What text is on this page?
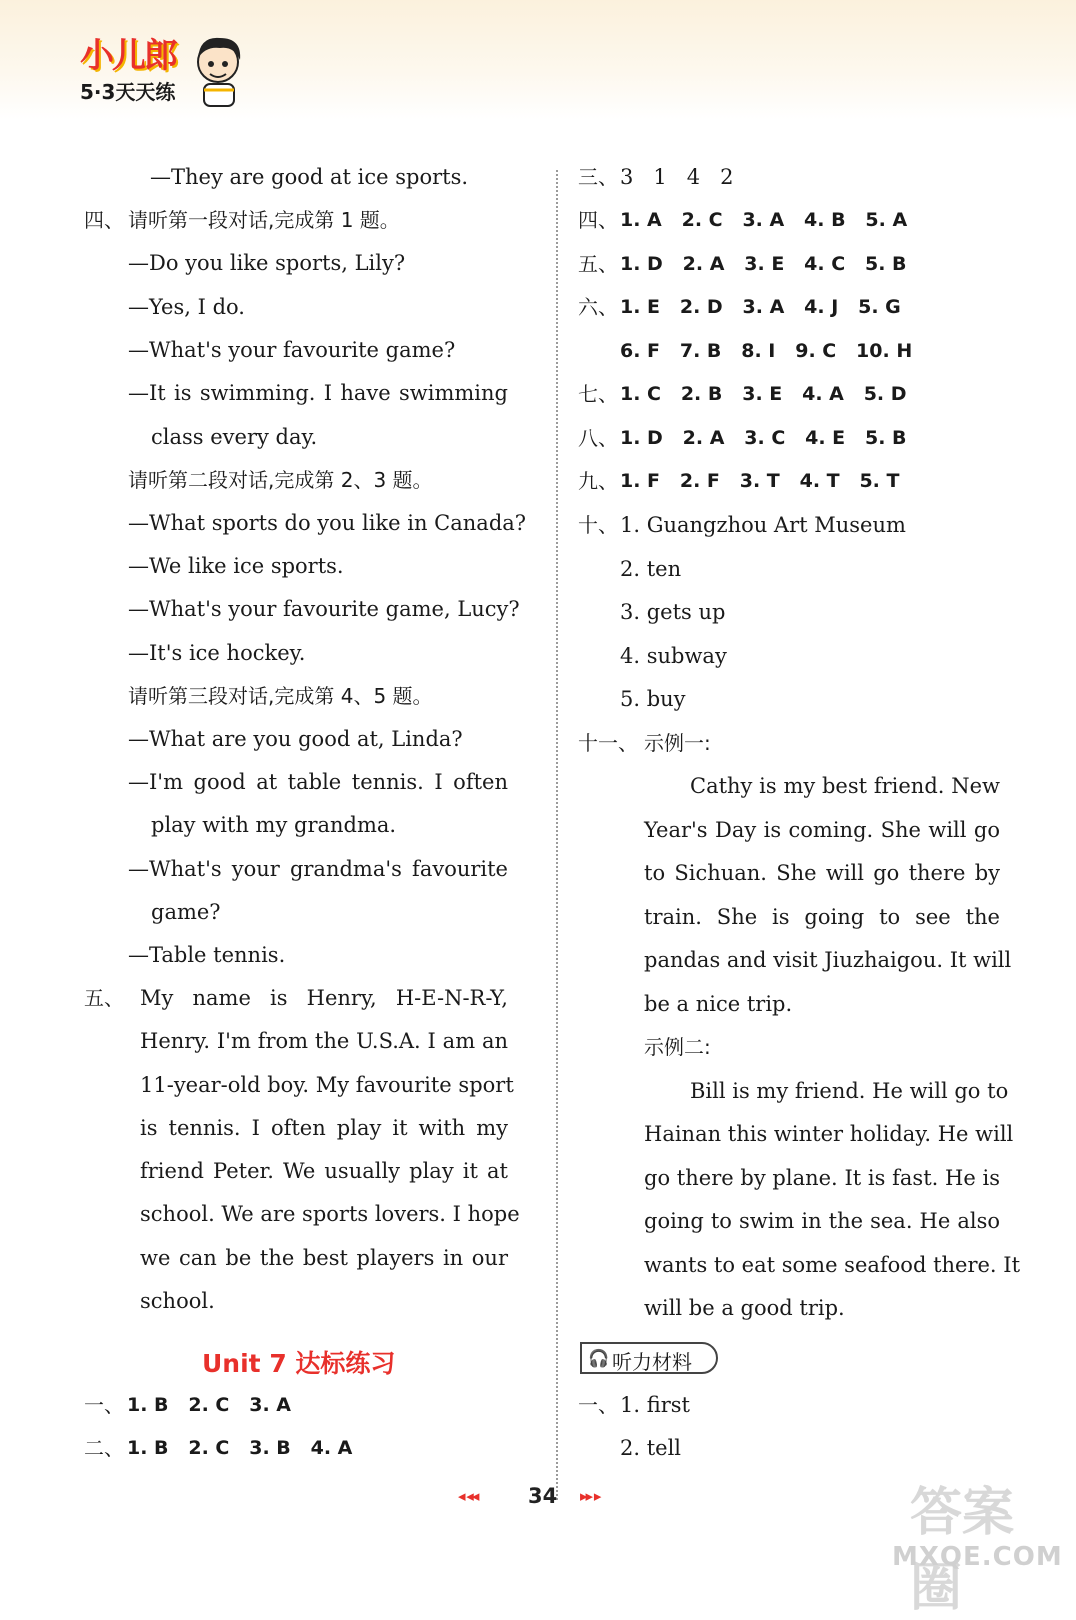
小儿郎
5·3天天练
—They are good at ice sports.
四、 请听第一段对话,完成第 1 题。
—Do you like sports, Lily?
—Yes, I do.
—What's your favourite game?
—It is swimming. I have swimming
class every day.
请听第二段对话,完成第 2、3 题。
—What sports do you like in Canada?
—We like ice sports.
—What's your favourite game, Lucy?
—It's ice hockey.
请听第三段对话,完成第 4、5 题。
—What are you good at, Linda?
—I'm good at table tennis. I often
play with my grandma.
—What's your grandma's favourite
game?
—Table tennis.
五、 My name is Henry, H-E-N-R-Y,
Henry. I'm from the U.S.A. I am an
11-year-old boy. My favourite sport
is tennis. I often play it with my
friend Peter. We usually play it at
school. We are sports lovers. I hope
we can be the best players in our
school.
Unit 7 达标练习
一、 1. B   2. C   3. A
二、 1. B   2. C   3. B   4. A
三、 3   1   4   2
四、 1. A   2. C   3. A   4. B   5. A
五、 1. D   2. A   3. E   4. C   5. B
六、 1. E   2. D   3. A   4. J   5. G
6. F   7. B   8. I   9. C   10. H
七、 1. C   2. B   3. E   4. A   5. D
八、 1. D   2. A   3. C   4. E   5. B
九、 1. F   2. F   3. T   4. T   5. T
十、 1. Guangzhou Art Museum
2. ten
3. gets up
4. subway
5. buy
十一、 示例一:
Cathy is my best friend. New
Year's Day is coming. She will go
to Sichuan. She will go there by
train. She is going to see the
pandas and visit Jiuzhaigou. It will
be a nice trip.
示例二:
Bill is my friend. He will go to
Hainan this winter holiday. He will
go there by plane. It is fast. He is
going to swim in the sea. He also
wants to eat some seafood there. It
will be a good trip.
🎧 听力材料
一、 1. first
2. tell
◂ ◂◂ 34 ▸▸ ▸	答案圈
MXQE.COM
